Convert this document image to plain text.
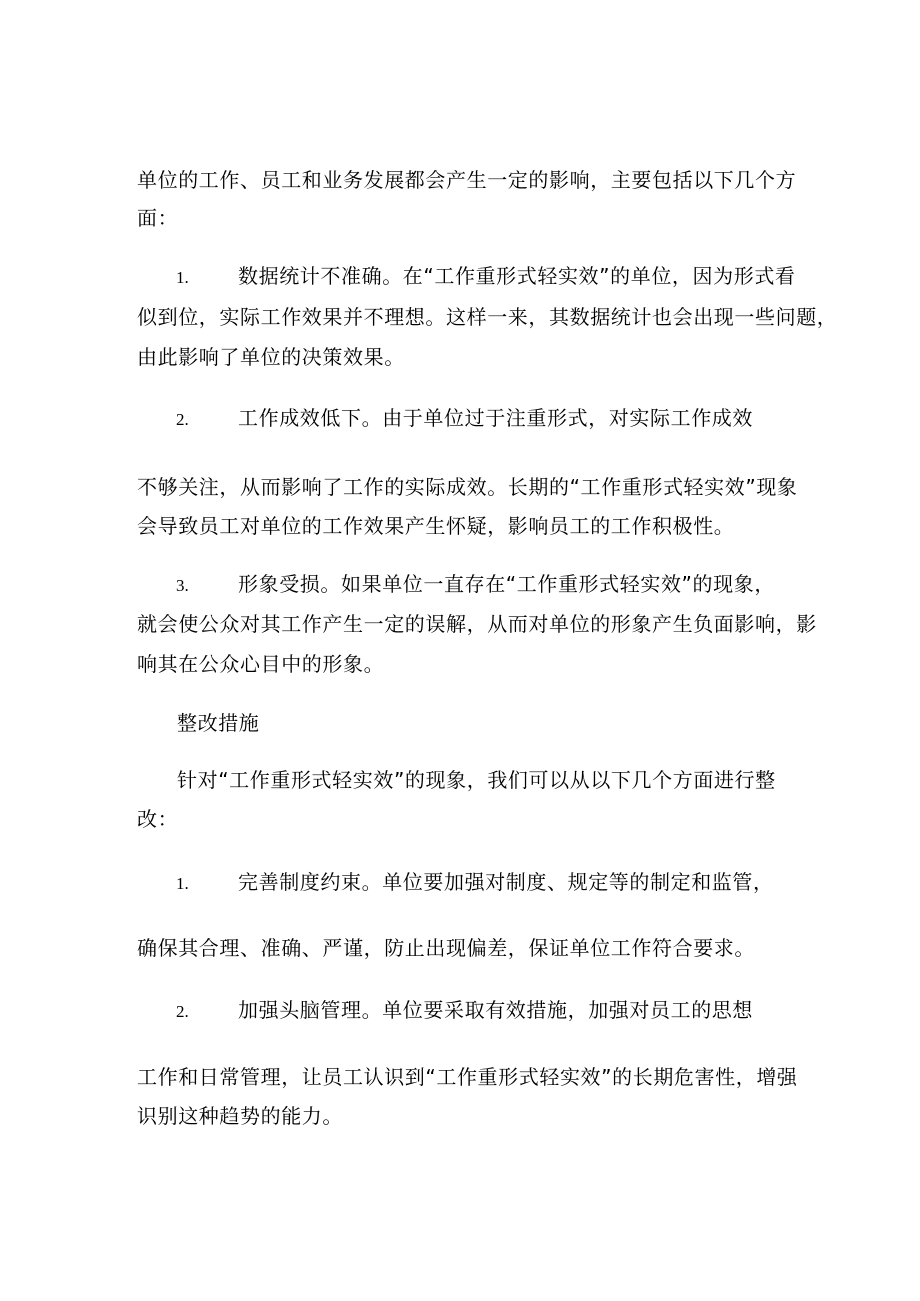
单位的工作、员工和业务发展都会产生一定的影响，主要包括以下几个方
面：
1. 数据统计不准确。在“工作重形式轻实效”的单位，因为形式看
似到位，实际工作效果并不理想。这样一来，其数据统计也会出现一些问题，
由此影响了单位的决策效果。
2. 工作成效低下。由于单位过于注重形式，对实际工作成效
不够关注，从而影响了工作的实际成效。长期的“工作重形式轻实效”现象
会导致员工对单位的工作效果产生怀疑，影响员工的工作积极性。
3. 形象受损。如果单位一直存在“工作重形式轻实效”的现象，
就会使公众对其工作产生一定的误解，从而对单位的形象产生负面影响，影
响其在公众心目中的形象。
整改措施
针对“工作重形式轻实效”的现象，我们可以从以下几个方面进行整
改：
1. 完善制度约束。单位要加强对制度、规定等的制定和监管，
确保其合理、准确、严谨，防止出现偏差，保证单位工作符合要求。
2. 加强头脑管理。单位要采取有效措施，加强对员工的思想
工作和日常管理，让员工认识到“工作重形式轻实效”的长期危害性，增强
识别这种趋势的能力。
